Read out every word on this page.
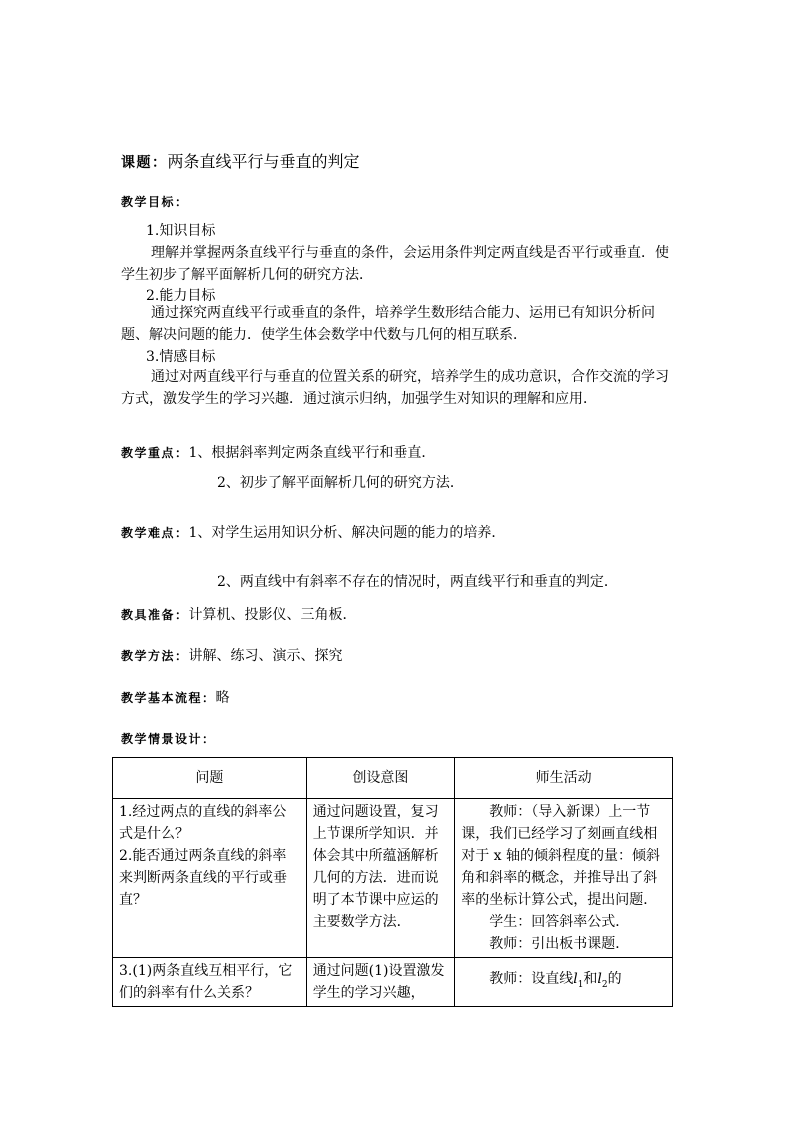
课题：两条直线平行与垂直的判定
教学目标：
1.知识目标
理解并掌握两条直线平行与垂直的条件，会运用条件判定两直线是否平行或垂直．使学生初步了解平面解析几何的研究方法．
2.能力目标
通过探究两直线平行或垂直的条件，培养学生数形结合能力、运用已有知识分析问题、解决问题的能力．使学生体会数学中代数与几何的相互联系．
3.情感目标
通过对两直线平行与垂直的位置关系的研究，培养学生的成功意识，合作交流的学习方式，激发学生的学习兴趣．通过演示归纳，加强学生对知识的理解和应用．
教学重点：1、根据斜率判定两条直线平行和垂直．
2、初步了解平面解析几何的研究方法．
教学难点：1、对学生运用知识分析、解决问题的能力的培养．
2、两直线中有斜率不存在的情况时，两直线平行和垂直的判定．
教具准备：计算机、投影仪、三角板．
教学方法：讲解、练习、演示、探究
教学基本流程：略
教学情景设计：
问题	创设意图	师生活动

1.经过两点的直线的斜率公式是什么？
2.能否通过两条直线的斜率来判断两条直线的平行或垂直？	通过问题设置，复习上节课所学知识．并体会其中所蕴涵解析几何的方法．进而说明了本节课中应运的主要数学方法．	教师：（导入新课）上一节课，我们已经学习了刻画直线相对于 x 轴的倾斜程度的量：倾斜角和斜率的概念，并推导出了斜率的坐标计算公式，提出问题．
学生：回答斜率公式．
教师：引出板书课题．

3.(1)两条直线互相平行，它们的斜率有什么关系？	通过问题(1)设置激发学生的学习兴趣，	教师：设直线$l_1$和$l_2$的
